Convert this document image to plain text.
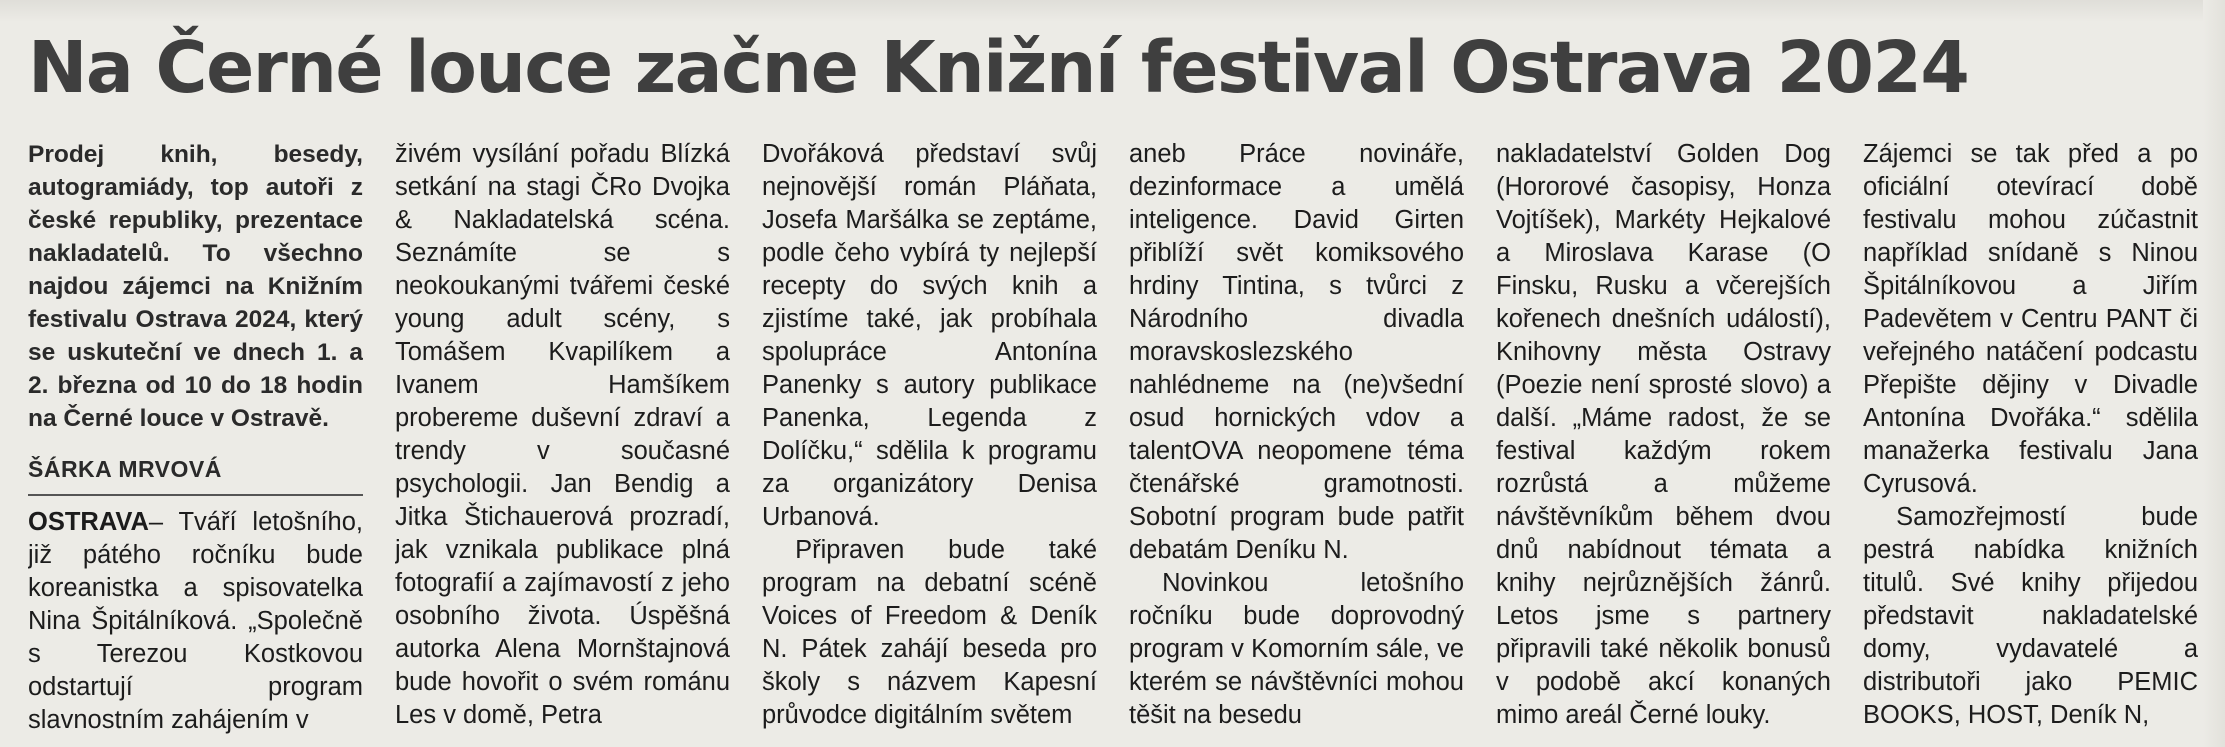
Na Černé louce začne Knižní festival Ostrava 2024

Prodej knih, besedy, autogramiády, top autoři z české republiky, prezentace nakladatelů. To všechno najdou zájemci na Knižním festivalu Ostrava 2024, který se uskuteční ve dnech 1. a 2. března od 10 do 18 hodin na Černé louce v Ostravě.

ŠÁRKA MRVOVÁ

OSTRAVA– Tváří letošního, již pátého ročníku bude koreanistka a spisovatelka Nina Špitálníková. „Společně s Terezou Kostkovou odstartují program slavnostním zahájením v

živém vysílání pořadu Blízká setkání na stagi ČRo Dvojka & Nakladatelská scéna. Seznámíte se s neokoukanými tvářemi české young adult scény, s Tomášem Kvapilíkem a Ivanem Hamšíkem probereme duševní zdraví a trendy v současné psychologii. Jan Bendig a Jitka Štichauerová prozradí, jak vznikala publikace plná fotografií a zajímavostí z jeho osobního života. Úspěšná autorka Alena Mornštajnová bude hovořit o svém románu Les v domě, Petra

Dvořáková představí svůj nejnovější román Pláňata, Josefa Maršálka se zeptáme, podle čeho vybírá ty nejlepší recepty do svých knih a zjistíme také, jak probíhala spolupráce Antonína Panenky s autory publikace Panenka, Legenda z Dolíčku,“ sdělila k programu za organizátory Denisa Urbanová.

Připraven bude také program na debatní scéně Voices of Freedom & Deník N. Pátek zahájí beseda pro školy s názvem Kapesní průvodce digitálním světem

aneb Práce novináře, dezinformace a umělá inteligence. David Girten přiblíží svět komiksového hrdiny Tintina, s tvůrci z Národního divadla moravskoslezského nahlédneme na (ne)všední osud hornických vdov a talentOVA neopomene téma čtenářské gramotnosti. Sobotní program bude patřit debatám Deníku N.

Novinkou letošního ročníku bude doprovodný program v Komorním sále, ve kterém se návštěvníci mohou těšit na besedu

nakladatelství Golden Dog (Hororové časopisy, Honza Vojtíšek), Markéty Hejkalové a Miroslava Karase (O Finsku, Rusku a včerejších kořenech dnešních událostí), Knihovny města Ostravy (Poezie není sprosté slovo) a další. „Máme radost, že se festival každým rokem rozrůstá a můžeme návštěvníkům během dvou dnů nabídnout témata a knihy nejrůznějších žánrů. Letos jsme s partnery připravili také několik bonusů v podobě akcí konaných mimo areál Černé louky.

Zájemci se tak před a po oficiální otevírací době festivalu mohou zúčastnit například snídaně s Ninou Špitálníkovou a Jiřím Padevětem v Centru PANT či veřejného natáčení podcastu Přepište dějiny v Divadle Antonína Dvořáka.“ sdělila manažerka festivalu Jana Cyrusová.

Samozřejmostí bude pestrá nabídka knižních titulů. Své knihy přijedou představit nakladatelské domy, vydavatelé a distributoři jako PEMIC BOOKS, HOST, Deník N,
